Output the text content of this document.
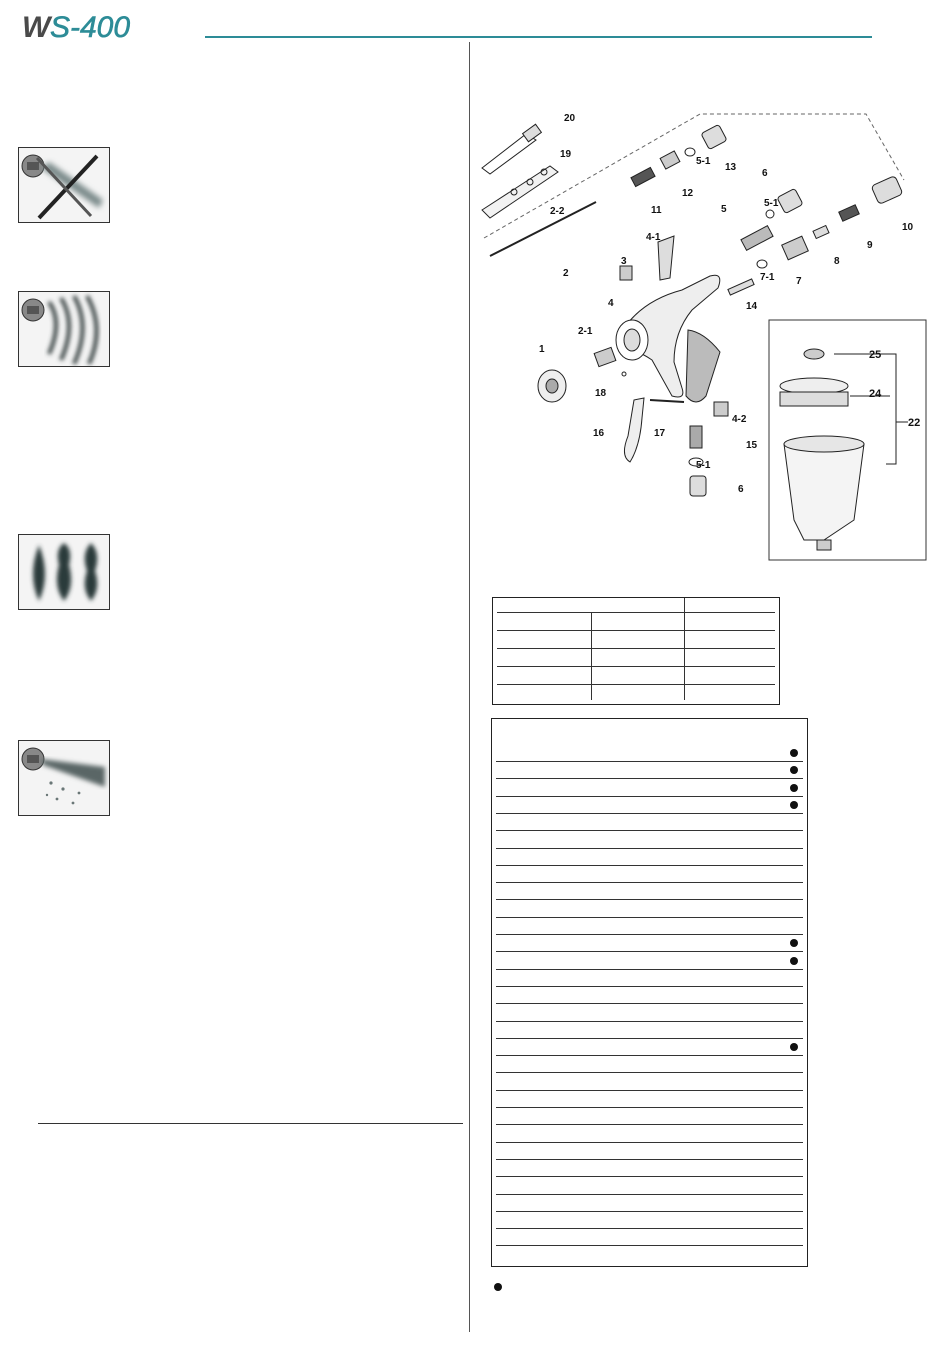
W S-400
20
19
2-2
2
2-1
1
3
4-1
4
18
16	17
4-2
15
5-1
6
11
12
5-1
13
6
5-1
5
14
7-1 7
8
9
10
25
24
22
